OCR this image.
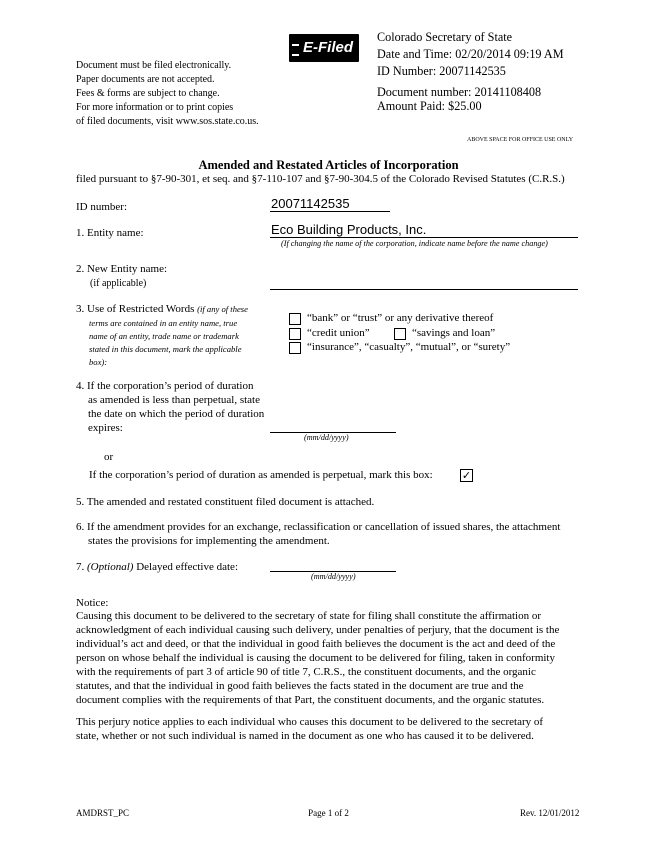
Document must be filed electronically.
Paper documents are not accepted.
Fees & forms are subject to change.
For more information or to print copies
of filed documents, visit www.sos.state.co.us.
E-Filed
Colorado Secretary of State
Date and Time: 02/20/2014 09:19 AM
ID Number: 20071142535
Document number: 20141108408
Amount Paid: $25.00
ABOVE SPACE FOR OFFICE USE ONLY
Amended and Restated Articles of Incorporation
filed pursuant to §7-90-301, et seq. and §7-110-107 and §7-90-304.5 of the Colorado Revised Statutes (C.R.S.)
ID number:	20071142535
1. Entity name:	Eco Building Products, Inc.
(If changing the name of the corporation, indicate name before the name change)
2. New Entity name:
(if applicable)
3. Use of Restricted Words (if any of these
terms are contained in an entity name, true
name of an entity, trade name or trademark
stated in this document, mark the applicable
box):
“bank” or “trust” or any derivative thereof
“credit union”	“savings and loan”
“insurance”, “casualty”, “mutual”, or “surety”
4. If the corporation’s period of duration
as amended is less than perpetual, state
the date on which the period of duration
expires:
(mm/dd/yyyy)
or
If the corporation’s period of duration as amended is perpetual, mark this box:	✓
5. The amended and restated constituent filed document is attached.
6. If the amendment provides for an exchange, reclassification or cancellation of issued shares, the attachment
states the provisions for implementing the amendment.
7. (Optional) Delayed effective date:
(mm/dd/yyyy)
Notice:
Causing this document to be delivered to the secretary of state for filing shall constitute the affirmation or
acknowledgment of each individual causing such delivery, under penalties of perjury, that the document is the
individual’s act and deed, or that the individual in good faith believes the document is the act and deed of the
person on whose behalf the individual is causing the document to be delivered for filing, taken in conformity
with the requirements of part 3 of article 90 of title 7, C.R.S., the constituent documents, and the organic
statutes, and that the individual in good faith believes the facts stated in the document are true and the
document complies with the requirements of that Part, the constituent documents, and the organic statutes.
This perjury notice applies to each individual who causes this document to be delivered to the secretary of
state, whether or not such individual is named in the document as one who has caused it to be delivered.
AMDRST_PC	Page 1 of 2	Rev. 12/01/2012
